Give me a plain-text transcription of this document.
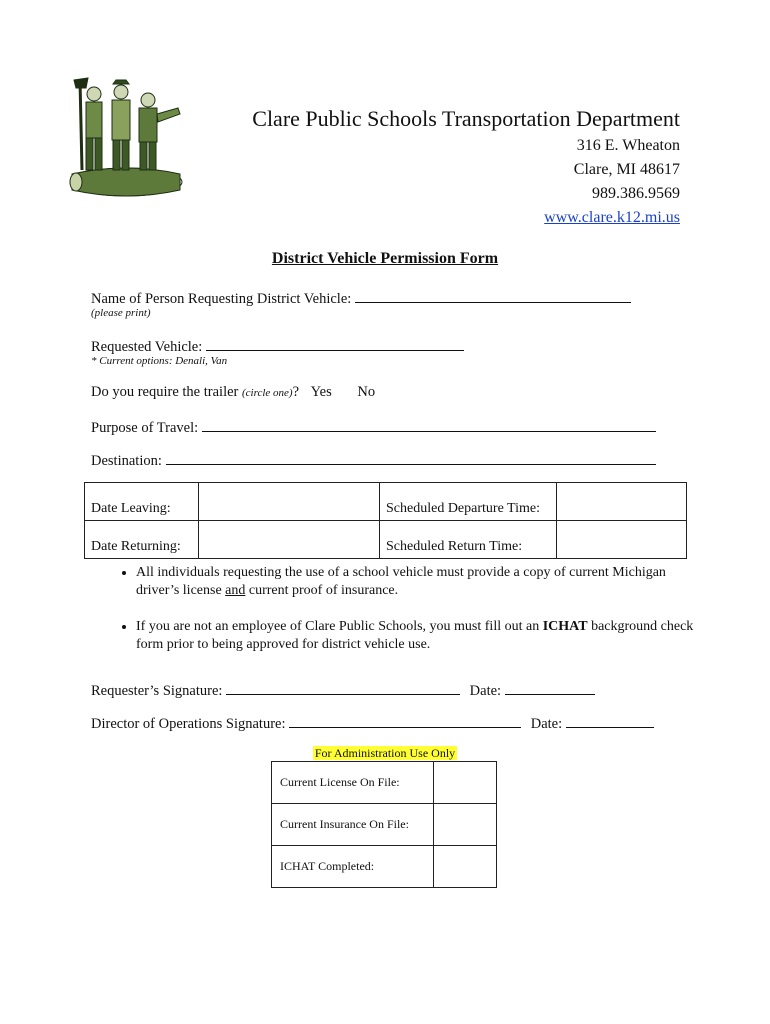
Clare Public Schools Transportation Department
316 E. Wheaton
Clare, MI 48617
989.386.9569
www.clare.k12.mi.us
District Vehicle Permission Form
Name of Person Requesting District Vehicle:
(please print)
Requested Vehicle:
* Current options: Denali, Van
Do you require the trailer (circle one)? Yes No
Purpose of Travel:
Destination:
Date Leaving:		Scheduled Departure Time:	
Date Returning:		Scheduled Return Time:	
• All individuals requesting the use of a school vehicle must provide a copy of current Michigan driver’s license and current proof of insurance.
• If you are not an employee of Clare Public Schools, you must fill out an ICHAT background check form prior to being approved for district vehicle use.
Requester’s Signature:	Date:
Director of Operations Signature:	Date:
For Administration Use Only
Current License On File:	
Current Insurance On File:	
ICHAT Completed:	
